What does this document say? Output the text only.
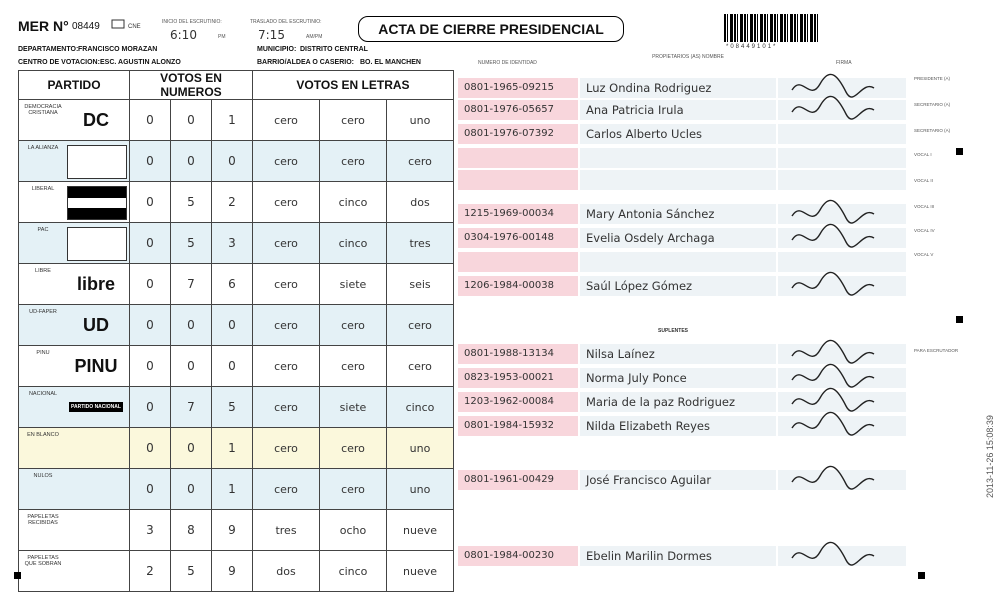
MER N° 08449	CNE
INICIO DEL ESCRUTINIO:
6:10	PM
TRASLADO DEL ESCRUTINIO:
7:15	AM/PM	ACTA DE CIERRE PRESIDENCIAL
*08449101*
DEPARTAMENTO: FRANCISCO MORAZAN	MUNICIPIO: DISTRITO CENTRAL
CENTRO DE VOTACION: ESC. AGUSTIN ALONZO	BARRIO/ALDEA O CASERIO: BO. EL MANCHEN
PARTIDO	VOTOS EN NUMEROS			VOTOS EN LETRAS		

DEMOCRACIA CRISTIANA DC	0	0	1	cero	cero	uno

LA ALIANZA	0	0	0	cero	cero	cero

LIBERAL	0	5	2	cero	cinco	dos

PAC	0	5	3	cero	cinco	tres

LIBRE
libre	0	7	6	cero	siete	seis

UD-FAPER
UD	0	0	0	cero	cero	cero

PINU
PINU	0	0	0	cero	cero	cero

NACIONAL
PARTIDO NACIONAL	0	7	5	cero	siete	cinco

EN BLANCO	0	0	1	cero	cero	uno

NULOS	0	0	1	cero	cero	uno

PAPELETAS RECIBIDAS	3	8	9	tres	ocho	nueve

PAPELETAS QUE SOBRAN	2	5	9	dos	cinco	nueve
NUMERO DE IDENTIDAD
PROPIETARIOS (AS) NOMBRE
FIRMA
0801-1965-09215	Luz Ondina Rodriguez
0801-1976-05657	Ana Patricia Irula
0801-1976-07392	Carlos Alberto Ucles
1215-1969-00034	Mary Antonia Sánchez
0304-1976-00148	Evelia Osdely Archaga
1206-1984-00038	Saúl López Gómez
0801-1988-13134	Nilsa Laínez
0823-1953-00021	Norma July Ponce
1203-1962-00084	Maria de la paz Rodriguez
0801-1984-15932	Nilda Elizabeth Reyes
0801-1961-00429	José Francisco Aguilar
0801-1984-00230	Ebelin Marilin Dormes
SUPLENTES
2013-11-26 15:08:39
PRESIDENTE (A)
SECRETARIO (A)
SECRETARIO (A)
VOCAL I
VOCAL II
VOCAL III
VOCAL IV
VOCAL V
PARA ESCRUTADOR
